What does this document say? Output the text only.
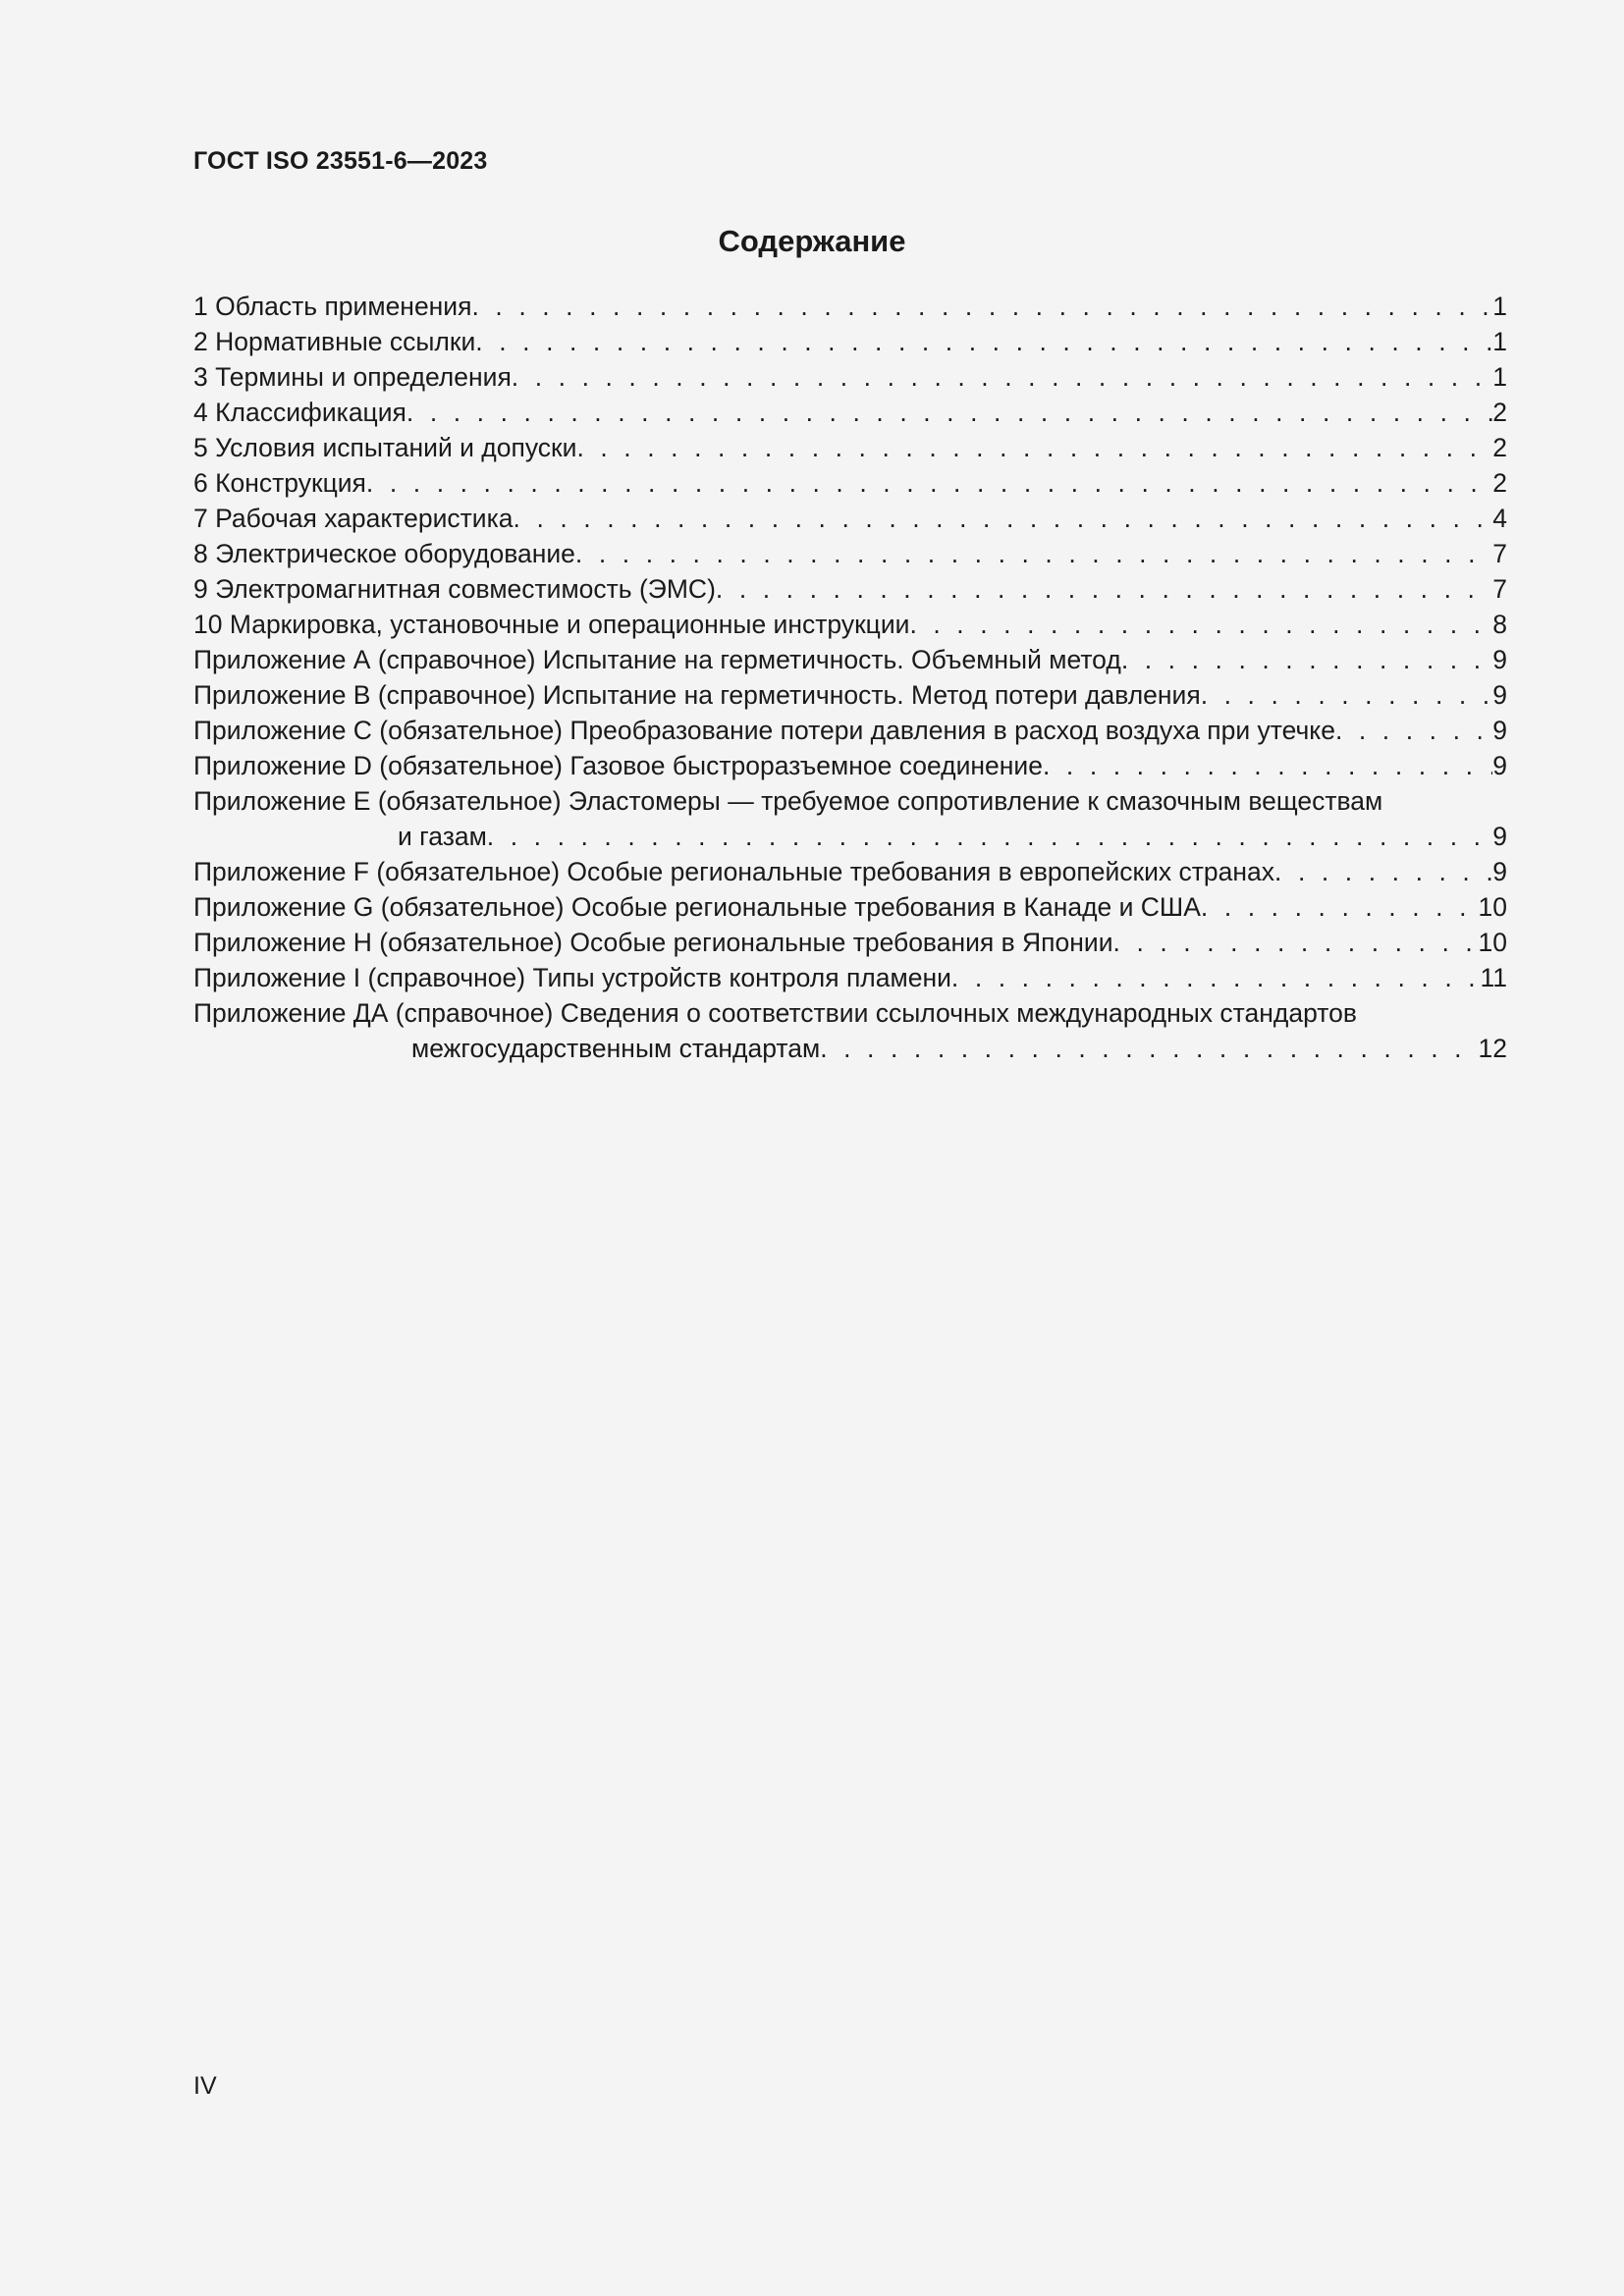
ГОСТ ISO 23551-6—2023
Содержание
1 Область применения . . .	1
2 Нормативные ссылки . . .	1
3 Термины и определения . . .	1
4 Классификация . . .	2
5 Условия испытаний и допуски . . .	2
6 Конструкция . . .	2
7 Рабочая характеристика . . .	4
8 Электрическое оборудование . . .	7
9 Электромагнитная совместимость (ЭМС) . . .	7
10 Маркировка, установочные и операционные инструкции . . .	8
Приложение А (справочное) Испытание на герметичность. Объемный метод . . .	9
Приложение В (справочное) Испытание на герметичность. Метод потери давления . . .	9
Приложение С (обязательное) Преобразование потери давления в расход воздуха при утечке . . .	9
Приложение D (обязательное) Газовое быстроразъемное соединение . . .	9
Приложение Е (обязательное) Эластомеры — требуемое сопротивление к смазочным веществам
и газам . . .	9
Приложение F (обязательное) Особые региональные требования в европейских странах . . .	9
Приложение G (обязательное) Особые региональные требования в Канаде и США . . .	10
Приложение Н (обязательное) Особые региональные требования в Японии . . .	10
Приложение I (справочное) Типы устройств контроля пламени . . .	11
Приложение ДА (справочное) Сведения о соответствии ссылочных международных стандартов
межгосударственным стандартам . . .	12
IV
